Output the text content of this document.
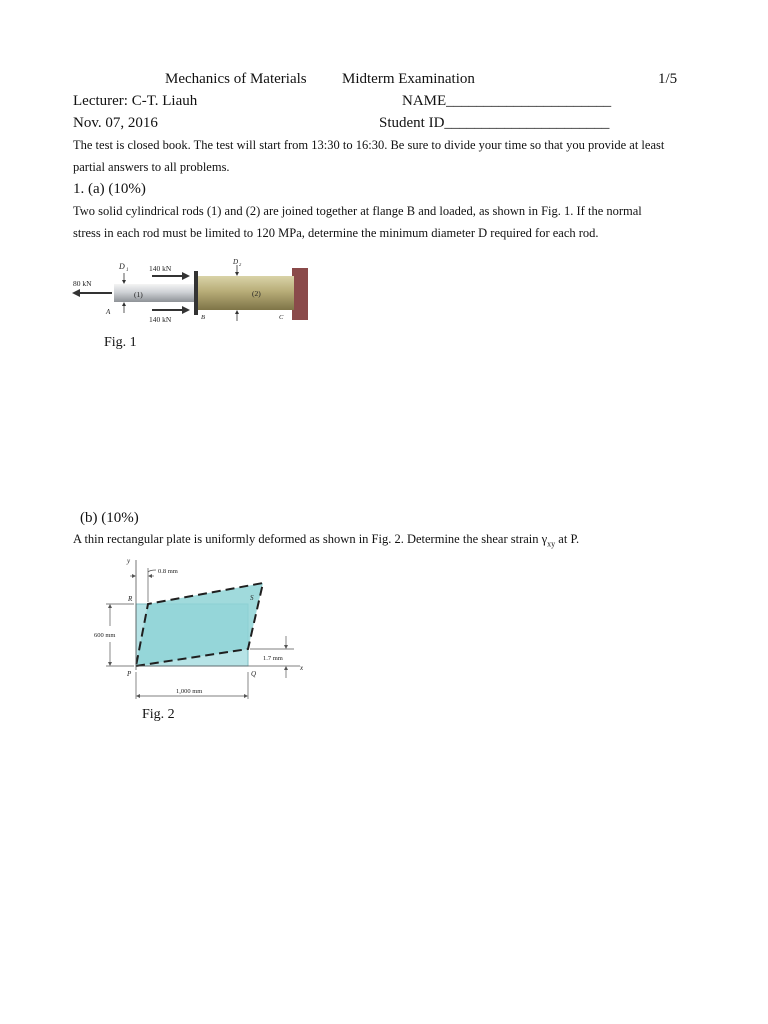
Mechanics of Materials Midterm Examination	1/5
Lecturer: C-T. Liauh	NAME______________________
Nov. 07, 2016	Student ID______________________
The test is closed book. The test will start from 13:30 to 16:30. Be sure to divide your time so that you provide at least
partial answers to all problems.
1. (a) (10%)
Two solid cylindrical rods (1) and (2) are joined together at flange B and loaded, as shown in Fig. 1. If the normal
stress in each rod must be limited to 120 MPa, determine the minimum diameter D required for each rod.
80 kN
140 kN
140 kN
(1)	(2)
D 1
D 2
A
B	C
Fig. 1
(b) (10%)
A thin rectangular plate is uniformly deformed as shown in Fig. 2. Determine the shear strain $\gamma_{xy}$ at P.
y
x
0.8 mm
600 mm
1,000 mm
1.7 mm
P	Q
R	S
Fig. 2
